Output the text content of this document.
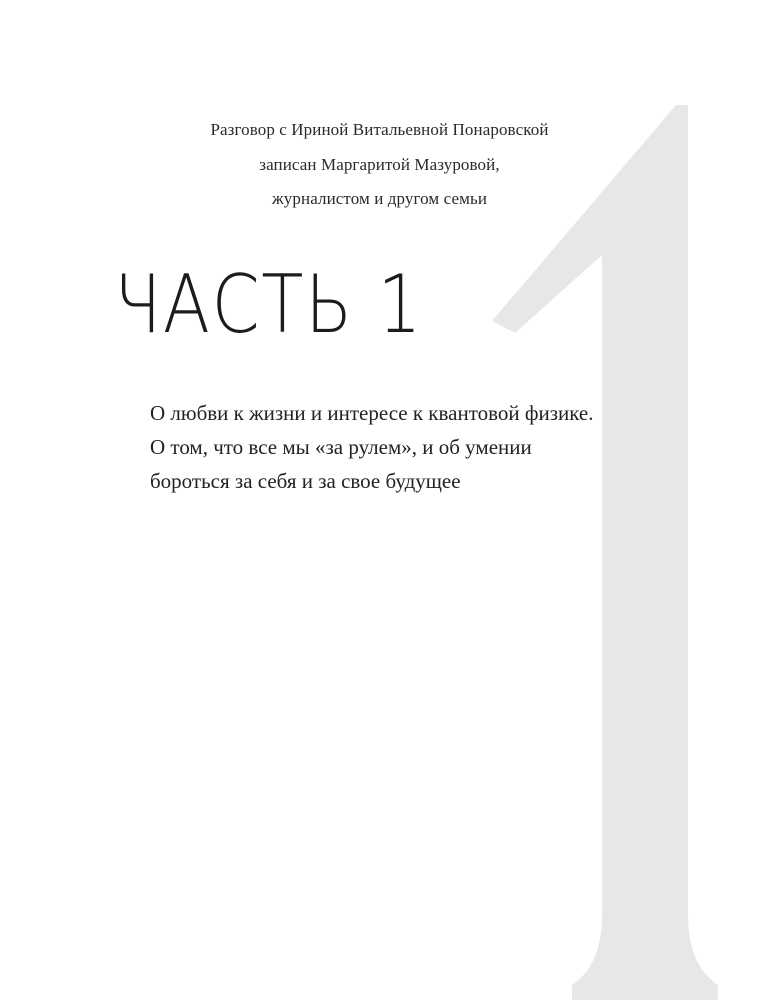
Разговор с Ириной Витальевной Понаровской
записан Маргаритой Мазуровой,
журналистом и другом семьи
ЧАСТЬ 1
О любви к жизни и интересе к квантовой физике.
О том, что все мы «за рулем», и об умении
бороться за себя и за свое будущее
